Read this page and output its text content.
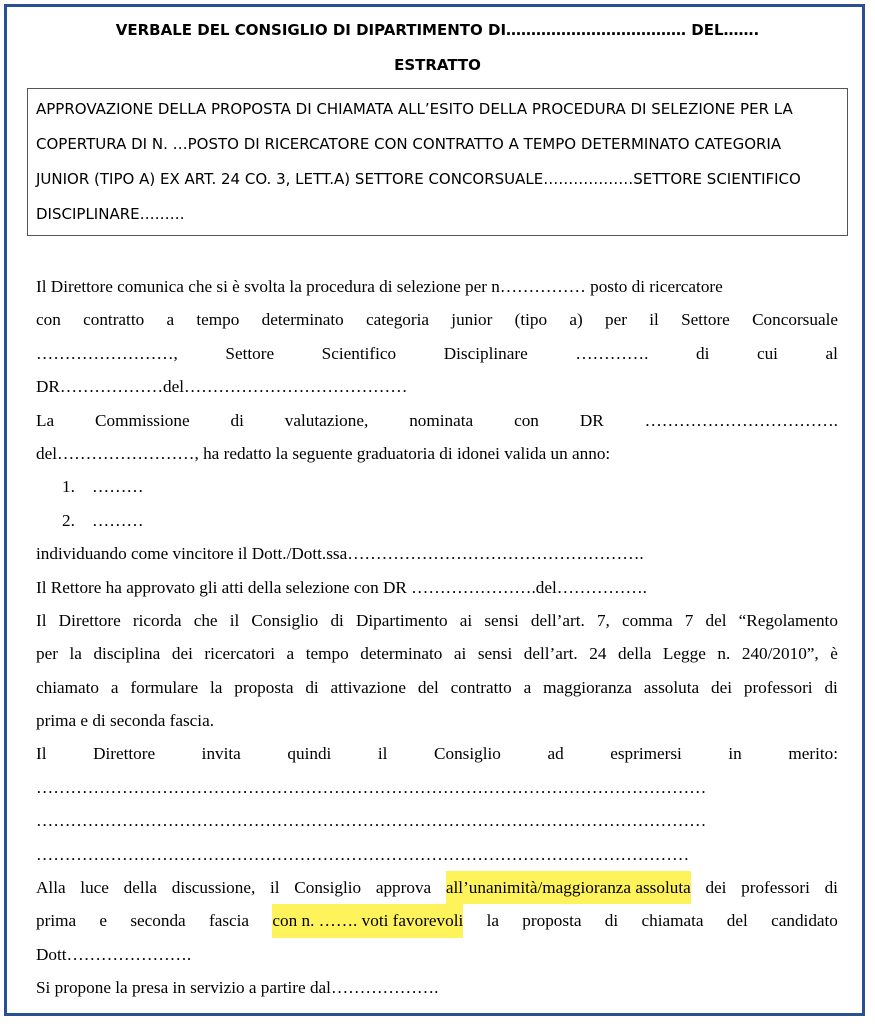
VERBALE DEL CONSIGLIO DI DIPARTIMENTO DI……………………………… DEL…….
ESTRATTO
APPROVAZIONE DELLA PROPOSTA DI CHIAMATA ALL’ESITO DELLA PROCEDURA DI SELEZIONE PER LA
COPERTURA DI N. …POSTO DI RICERCATORE CON CONTRATTO A TEMPO DETERMINATO CATEGORIA
JUNIOR (TIPO A) EX ART. 24 CO. 3, LETT.A) SETTORE CONCORSUALE………………SETTORE SCIENTIFICO
DISCIPLINARE………
Il Direttore comunica che si è svolta la procedura di selezione per n…………… posto di ricercatore
con contratto a tempo determinato categoria junior (tipo a) per il Settore Concorsuale
……………………,	Settore	Scientifico	Disciplinare	………….	di	cui	al
DR………………del…………………………………
La Commissione di valutazione, nominata con DR …………………………….
del……………………, ha redatto la seguente graduatoria di idonei valida un anno:
1. ………
2. ………
individuando come vincitore il Dott./Dott.ssa…………………………………………….
Il Rettore ha approvato gli atti della selezione con DR ………………….del…………….
Il Direttore ricorda che il Consiglio di Dipartimento ai sensi dell’art. 7, comma 7 del “Regolamento
per la disciplina dei ricercatori a tempo determinato ai sensi dell’art. 24 della Legge n. 240/2010”, è
chiamato a formulare la proposta di attivazione del contratto a maggioranza assoluta dei professori di
prima e di seconda fascia.
Il	Direttore	invita	quindi	il	Consiglio	ad	esprimersi	in	merito:
………………………………………………………………………………………………………
………………………………………………………………………………………………………
……………………………………………………………………………………………………
Alla luce della discussione, il Consiglio approva all’unanimità/maggioranza assoluta dei professori di
prima e seconda fascia con n. ……. voti favorevoli la proposta di chiamata del candidato
Dott………………….
Si propone la presa in servizio a partire dal……………….
